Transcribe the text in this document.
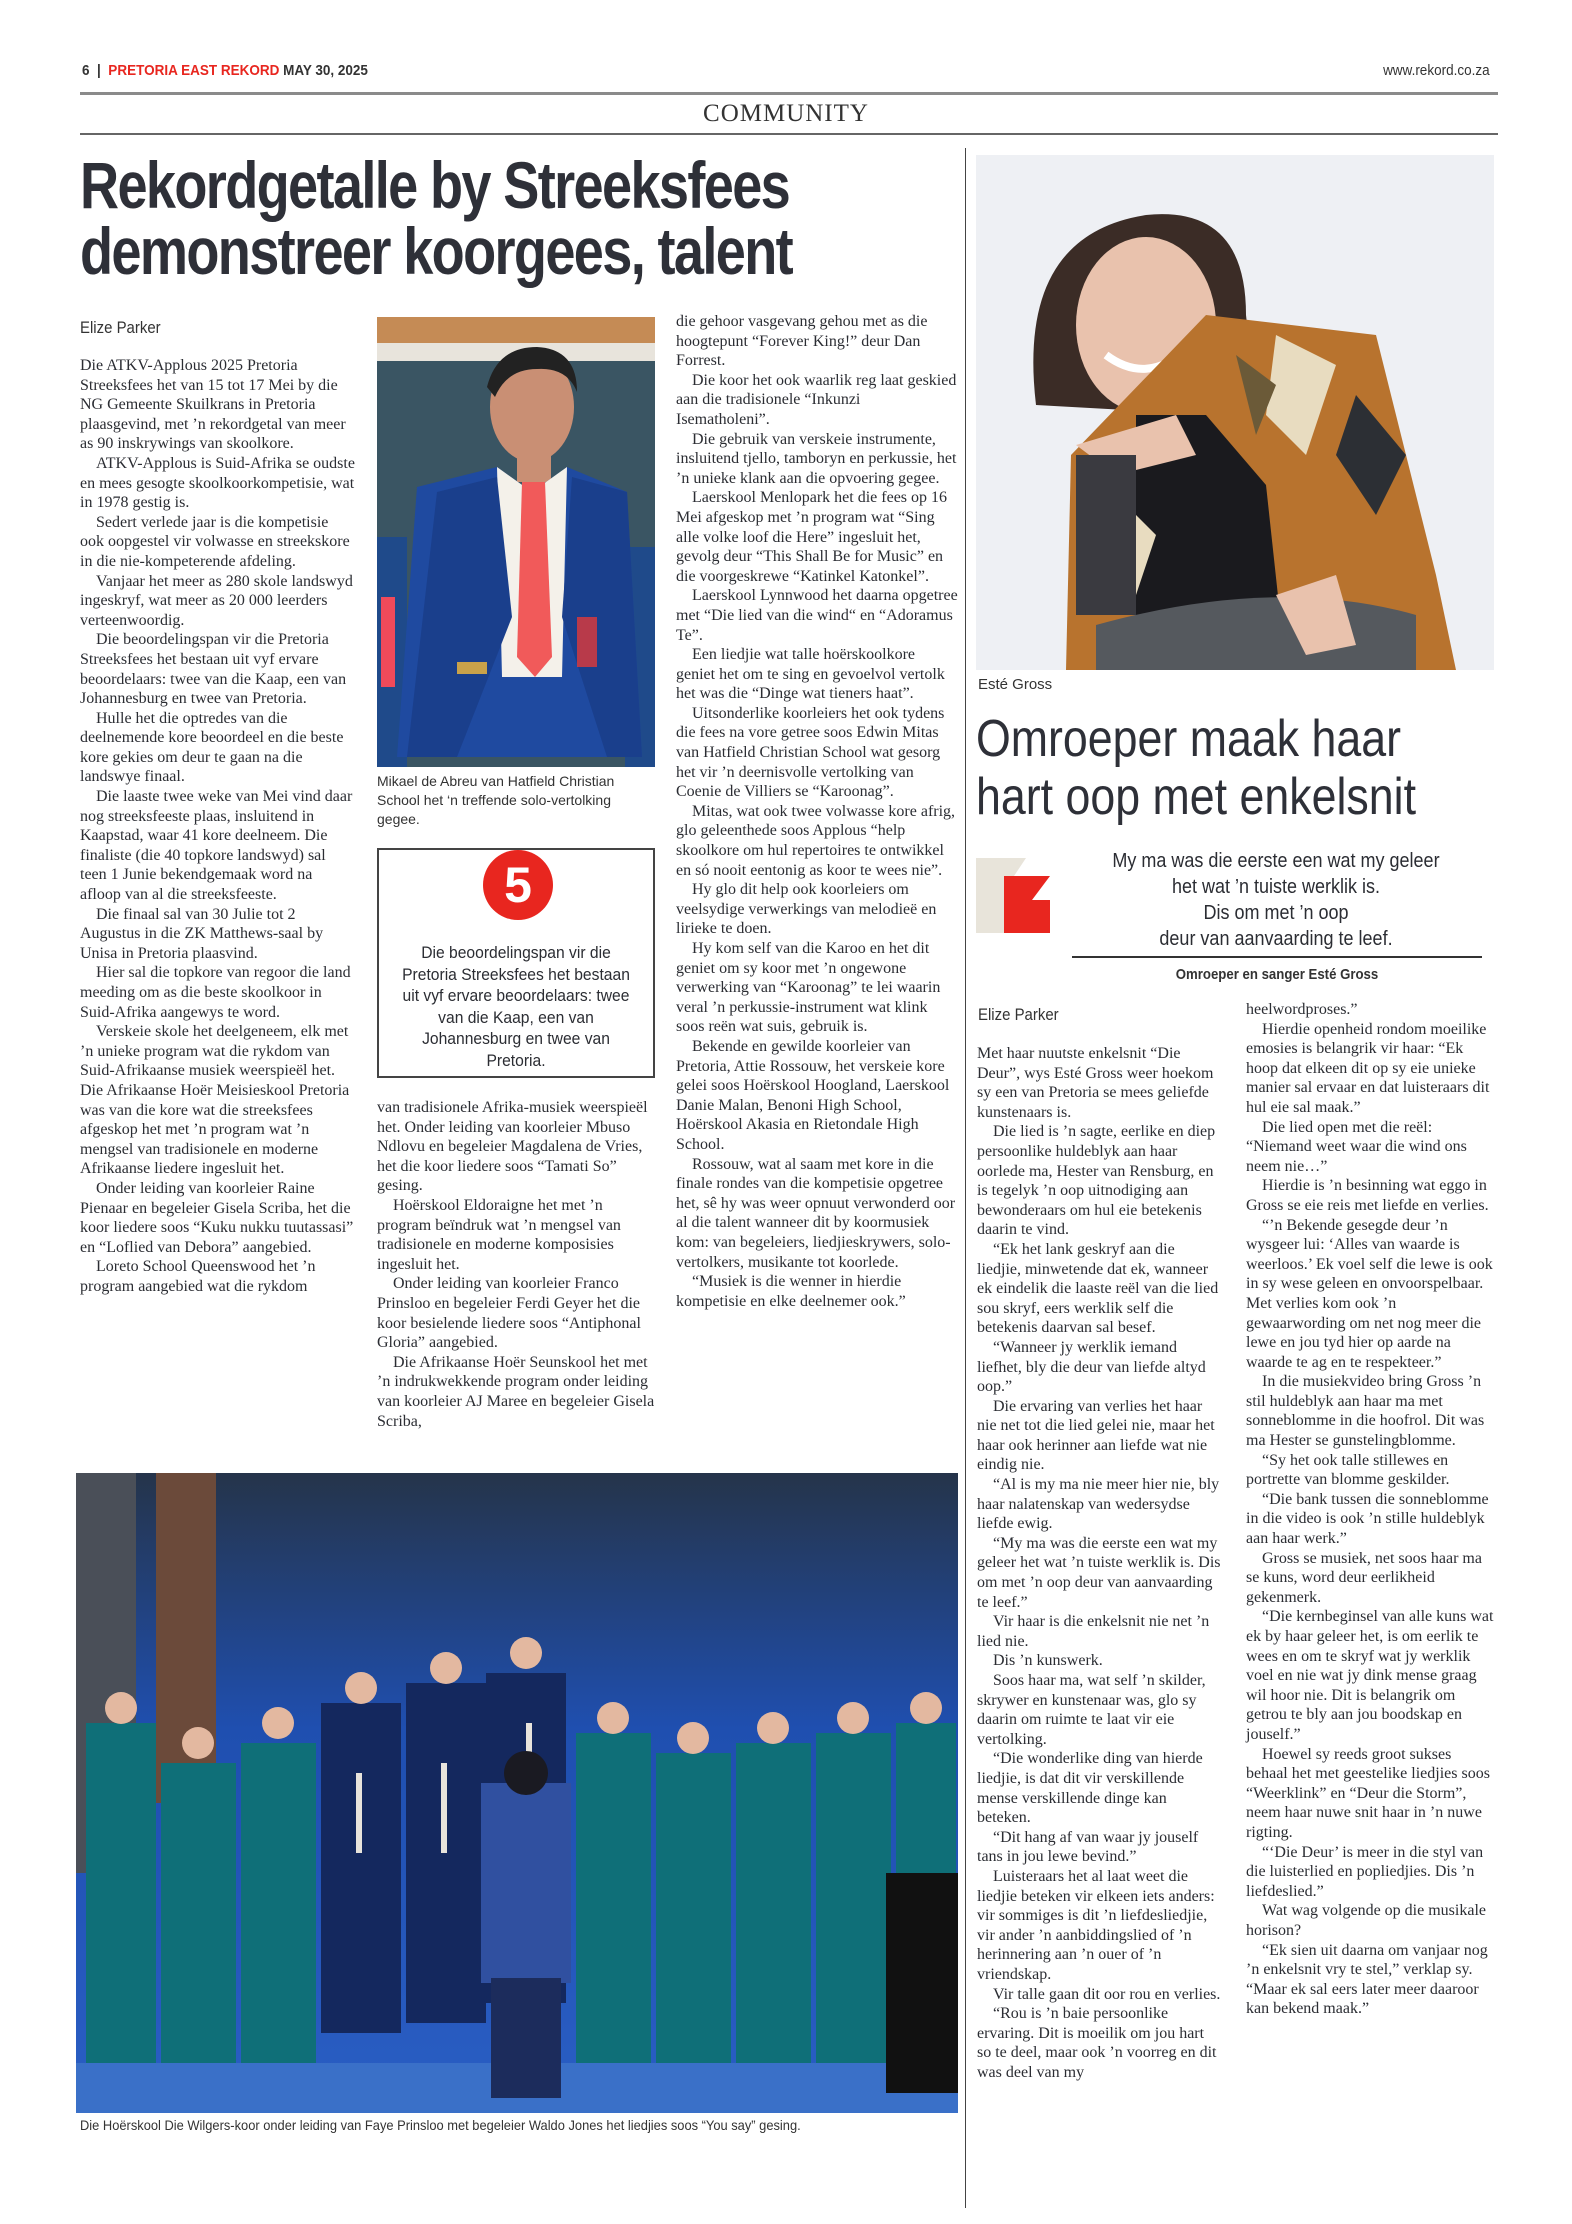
6 | PRETORIA EAST REKORD MAY 30, 2025	www.rekord.co.za
COMMUNITY
Rekordgetalle by Streeksfees
demonstreer koorgees, talent
Elize Parker

Die ATKV-Applous 2025 Pretoria Streeksfees het van 15 tot 17 Mei by die NG Gemeente Skuilkrans in Pretoria plaasgevind, met ’n rekordgetal van meer as 90 inskrywings van skoolkore.

ATKV-Applous is Suid-Afrika se oudste en mees gesogte skoolkoorkompetisie, wat in 1978 gestig is.

Sedert verlede jaar is die kompetisie ook oopgestel vir volwasse en streekskore in die nie-kompeterende afdeling.

Vanjaar het meer as 280 skole landswyd ingeskryf, wat meer as 20 000 leerders verteenwoordig.

Die beoordelingspan vir die Pretoria Streeksfees het bestaan uit vyf ervare beoordelaars: twee van die Kaap, een van Johannesburg en twee van Pretoria.

Hulle het die optredes van die deelnemende kore beoordeel en die beste kore gekies om deur te gaan na die landswye finaal.

Die laaste twee weke van Mei vind daar nog streeksfeeste plaas, insluitend in Kaapstad, waar 41 kore deelneem. Die finaliste (die 40 topkore landswyd) sal teen 1 Junie bekendgemaak word na afloop van al die streeksfeeste.

Die finaal sal van 30 Julie tot 2 Augustus in die ZK Matthews-saal by Unisa in Pretoria plaasvind.

Hier sal die topkore van regoor die land meeding om as die beste skoolkoor in Suid-Afrika aangewys te word.

Verskeie skole het deelgeneem, elk met ’n unieke program wat die rykdom van Suid-Afrikaanse musiek weerspieël het. Die Afrikaanse Hoër Meisieskool Pretoria was van die kore wat die streeksfees afgeskop het met ’n program wat ’n mengsel van tradisionele en moderne Afrikaanse liedere ingesluit het.

Onder leiding van koorleier Raine Pienaar en begeleier Gisela Scriba, het die koor liedere soos “Kuku nukku tuutassasi” en “Loflied van Debora” aangebied.

Loreto School Queenswood het ’n program aangebied wat die rykdom

Mikael de Abreu van Hatfield Christian School het ‘n treffende solo-vertolking gegee.
5
Die beoordelingspan vir die Pretoria Streeksfees het bestaan uit vyf ervare beoordelaars: twee van die Kaap, een van Johannesburg en twee van Pretoria.

van tradisionele Afrika-musiek weerspieël het. Onder leiding van koorleier Mbuso Ndlovu en begeleier Magdalena de Vries, het die koor liedere soos “Tamati So” gesing.

Hoërskool Eldoraigne het met ’n program beïndruk wat ’n mengsel van tradisionele en moderne komposisies ingesluit het.

Onder leiding van koorleier Franco Prinsloo en begeleier Ferdi Geyer het die koor besielende liedere soos “Antiphonal Gloria” aangebied.

Die Afrikaanse Hoër Seunskool het met ’n indrukwekkende program onder leiding van koorleier AJ Maree en begeleier Gisela Scriba,

die gehoor vasgevang gehou met as die hoogtepunt “Forever King!” deur Dan Forrest.

Die koor het ook waarlik reg laat geskied aan die tradisionele “Inkunzi Isematholeni”.

Die gebruik van verskeie instrumente, insluitend tjello, tamboryn en perkussie, het ’n unieke klank aan die opvoering gegee.

Laerskool Menlopark het die fees op 16 Mei afgeskop met ’n program wat “Sing alle volke loof die Here” ingesluit het, gevolg deur “This Shall Be for Music” en die voorgeskrewe “Katinkel Katonkel”.

Laerskool Lynnwood het daarna opgetree met “Die lied van die wind“ en “Adoramus Te”.

Een liedjie wat talle hoërskoolkore geniet het om te sing en gevoelvol vertolk het was die “Dinge wat tieners haat”.

Uitsonderlike koorleiers het ook tydens die fees na vore getree soos Edwin Mitas van Hatfield Christian School wat gesorg het vir ’n deernisvolle vertolking van Coenie de Villiers se “Karoonag”.

Mitas, wat ook twee volwasse kore afrig, glo geleenthede soos Applous “help skoolkore om hul repertoires te ontwikkel en só nooit eentonig as koor te wees nie”.

Hy glo dit help ook koorleiers om veelsydige verwerkings van melodieë en lirieke te doen.

Hy kom self van die Karoo en het dit geniet om sy koor met ’n ongewone verwerking van “Karoonag” te lei waarin veral ’n perkussie-instrument wat klink soos reën wat suis, gebruik is.

Bekende en gewilde koorleier van Pretoria, Attie Rossouw, het verskeie kore gelei soos Hoërskool Hoogland, Laerskool Danie Malan, Benoni High School, Hoërskool Akasia en Rietondale High School.

Rossouw, wat al saam met kore in die finale rondes van die kompetisie opgetree het, sê hy was weer opnuut verwonderd oor al die talent wanneer dit by koormusiek kom: van begeleiers, liedjieskrywers, solo-vertolkers, musikante tot koorlede.

“Musiek is die wenner in hierdie kompetisie en elke deelnemer ook.”

Die Hoërskool Die Wilgers-koor onder leiding van Faye Prinsloo met begeleier Waldo Jones het liedjies soos “You say” gesing.
Esté Gross
Omroeper maak haar
hart oop met enkelsnit
My ma was die eerste een wat my geleer
het wat ’n tuiste werklik is.
Dis om met ’n oop
deur van aanvaarding te leef.
Omroeper en sanger Esté Gross
Elize Parker

Met haar nuutste enkelsnit “Die Deur”, wys Esté Gross weer hoekom sy een van Pretoria se mees geliefde kunstenaars is.

Die lied is ’n sagte, eerlike en diep persoonlike huldeblyk aan haar oorlede ma, Hester van Rensburg, en is tegelyk ’n oop uitnodiging aan bewonderaars om hul eie betekenis daarin te vind.

“Ek het lank geskryf aan die liedjie, minwetende dat ek, wanneer ek eindelik die laaste reël van die lied sou skryf, eers werklik self die betekenis daarvan sal besef.

“Wanneer jy werklik iemand liefhet, bly die deur van liefde altyd oop.”

Die ervaring van verlies het haar nie net tot die lied gelei nie, maar het haar ook herinner aan liefde wat nie eindig nie.

“Al is my ma nie meer hier nie, bly haar nalatenskap van wedersydse liefde ewig.

“My ma was die eerste een wat my geleer het wat ’n tuiste werklik is. Dis om met ’n oop deur van aanvaarding te leef.”

Vir haar is die enkelsnit nie net ’n lied nie.

Dis ’n kunswerk.

Soos haar ma, wat self ’n skilder, skrywer en kunstenaar was, glo sy daarin om ruimte te laat vir eie vertolking.

“Die wonderlike ding van hierde liedjie, is dat dit vir verskillende mense verskillende dinge kan beteken.

“Dit hang af van waar jy jouself tans in jou lewe bevind.”

Luisteraars het al laat weet die liedjie beteken vir elkeen iets anders: vir sommiges is dit ’n liefdesliedjie, vir ander ’n aanbiddingslied of ’n herinnering aan ’n ouer of ’n vriendskap.

Vir talle gaan dit oor rou en verlies.

“Rou is ’n baie persoonlike ervaring. Dit is moeilik om jou hart so te deel, maar ook ’n voorreg en dit was deel van my

heelwordproses.”

Hierdie openheid rondom moeilike emosies is belangrik vir haar: “Ek hoop dat elkeen dit op sy eie unieke manier sal ervaar en dat luisteraars dit hul eie sal maak.”

Die lied open met die reël: “Niemand weet waar die wind ons neem nie…”

Hierdie is ’n besinning wat eggo in Gross se eie reis met liefde en verlies.

“’n Bekende gesegde deur ’n wysgeer lui: ‘Alles van waarde is weerloos.’ Ek voel self die lewe is ook in sy wese geleen en onvoorspelbaar. Met verlies kom ook ’n gewaarwording om net nog meer die lewe en jou tyd hier op aarde na waarde te ag en te respekteer.”

In die musiekvideo bring Gross ’n stil huldeblyk aan haar ma met sonneblomme in die hoofrol. Dit was ma Hester se gunstelingblomme.

“Sy het ook talle stillewes en portrette van blomme geskilder.

“Die bank tussen die sonneblomme in die video is ook ’n stille huldeblyk aan haar werk.”

Gross se musiek, net soos haar ma se kuns, word deur eerlikheid gekenmerk.

“Die kernbeginsel van alle kuns wat ek by haar geleer het, is om eerlik te wees en om te skryf wat jy werklik voel en nie wat jy dink mense graag wil hoor nie. Dit is belangrik om getrou te bly aan jou boodskap en jouself.”

Hoewel sy reeds groot sukses behaal het met geestelike liedjies soos “Weerklink” en “Deur die Storm”, neem haar nuwe snit haar in ’n nuwe rigting.

“‘Die Deur’ is meer in die styl van die luisterlied en popliedjies. Dis ’n liefdeslied.”

Wat wag volgende op die musikale horison?

“Ek sien uit daarna om vanjaar nog ’n enkelsnit vry te stel,” verklap sy. “Maar ek sal eers later meer daaroor kan bekend maak.”
